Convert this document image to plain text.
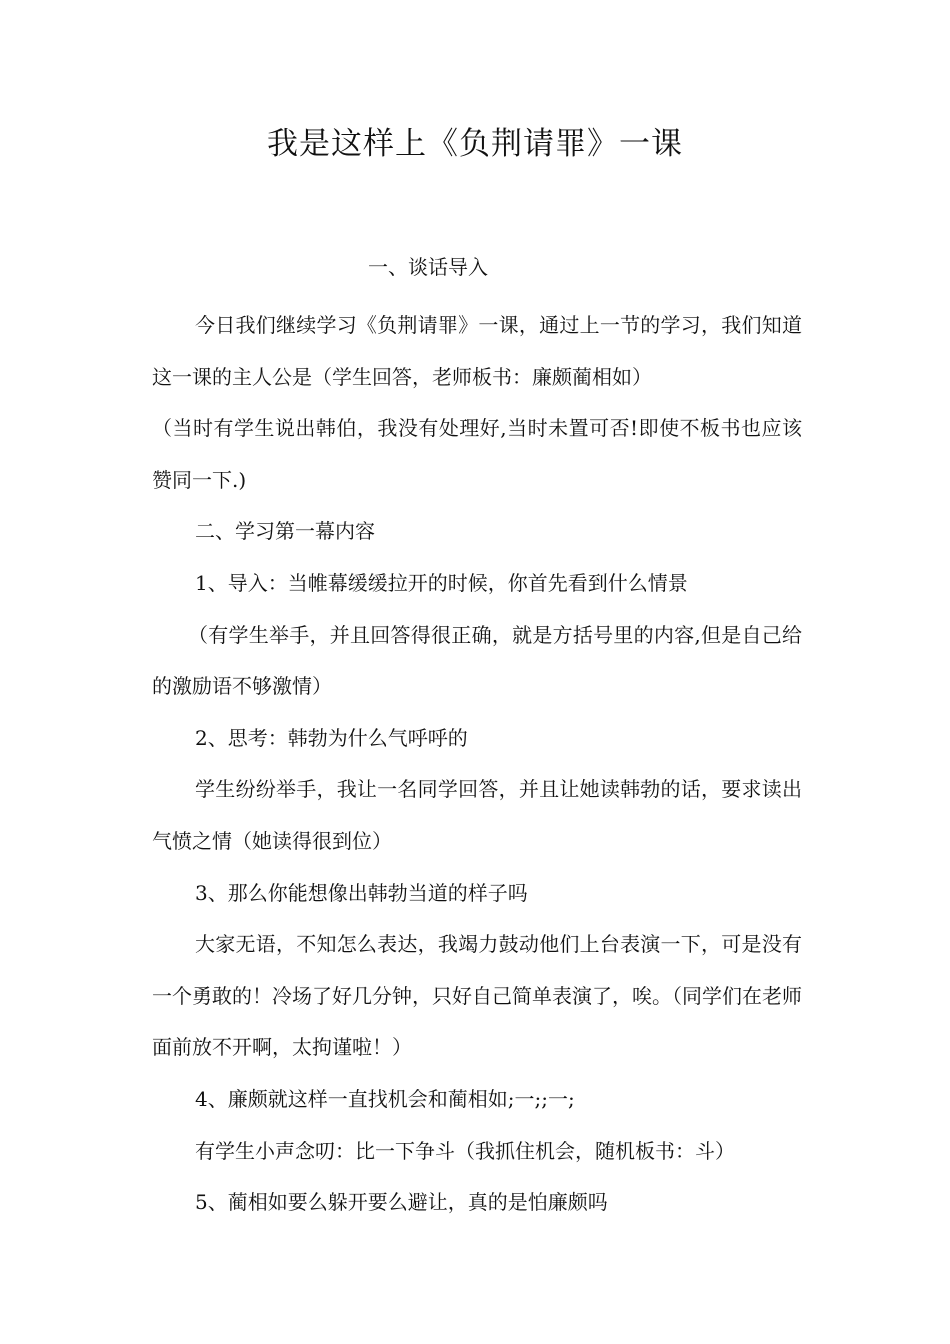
我是这样上《负荆请罪》一课
一、谈话导入

今日我们继续学习《负荆请罪》一课，通过上一节的学习，我们知道这一课的主人公是（学生回答，老师板书：廉颇蔺相如）

（当时有学生说出韩伯，我没有处理好,当时未置可否!即使不板书也应该赞同一下.)

二、学习第一幕内容

1、导入：当帷幕缓缓拉开的时候，你首先看到什么情景

（有学生举手，并且回答得很正确，就是方括号里的内容,但是自己给的激励语不够激情）

2、思考：韩勃为什么气呼呼的

学生纷纷举手，我让一名同学回答，并且让她读韩勃的话，要求读出气愤之情（她读得很到位）

3、那么你能想像出韩勃当道的样子吗

大家无语，不知怎么表达，我竭力鼓动他们上台表演一下，可是没有一个勇敢的！冷场了好几分钟，只好自己简单表演了，唉。（同学们在老师面前放不开啊，太拘谨啦！）

4、廉颇就这样一直找机会和蔺相如;一;;一;

有学生小声念叨：比一下争斗（我抓住机会，随机板书：斗）

5、蔺相如要么躲开要么避让，真的是怕廉颇吗
